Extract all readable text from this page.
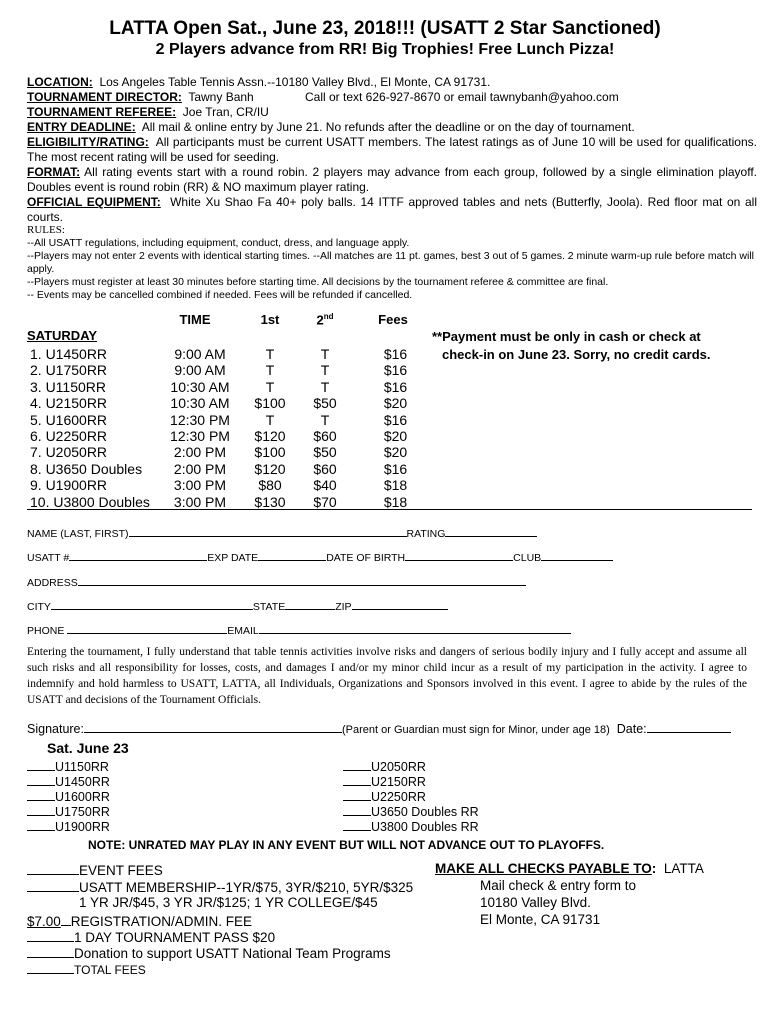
LATTA Open Sat., June 23, 2018!!! (USATT 2 Star Sanctioned)
2 Players advance from RR! Big Trophies! Free Lunch Pizza!
LOCATION: Los Angeles Table Tennis Assn.--10180 Valley Blvd., El Monte, CA 91731.
TOURNAMENT DIRECTOR: Tawny Banh	Call or text 626-927-8670 or email tawnybanh@yahoo.com
TOURNAMENT REFEREE: Joe Tran, CR/IU
ENTRY DEADLINE: All mail & online entry by June 21. No refunds after the deadline or on the day of tournament.
ELIGIBILITY/RATING: All participants must be current USATT members. The latest ratings as of June 10 will be used for qualifications. The most recent rating will be used for seeding.
FORMAT: All rating events start with a round robin. 2 players may advance from each group, followed by a single elimination playoff. Doubles event is round robin (RR) & NO maximum player rating.
OFFICIAL EQUIPMENT: White Xu Shao Fa 40+ poly balls. 14 ITTF approved tables and nets (Butterfly, Joola). Red floor mat on all courts.
RULES:
--All USATT regulations, including equipment, conduct, dress, and language apply.
--Players may not enter 2 events with identical starting times. --All matches are 11 pt. games, best 3 out of 5 games. 2 minute warm-up rule before match will apply.
--Players must register at least 30 minutes before starting time. All decisions by the tournament referee & committee are final.
-- Events may be cancelled combined if needed. Fees will be refunded if cancelled.
TIME	1st	2nd	Fees
SATURDAY
1. U1450RR	9:00 AM	T	T	$16
2. U1750RR	9:00 AM	T	T	$16
3. U1150RR	10:30 AM	T	T	$16
4. U2150RR	10:30 AM	$100	$50	$20
5. U1600RR	12:30 PM	T	T	$16
6. U2250RR	12:30 PM	$120	$60	$20
7. U2050RR	2:00 PM	$100	$50	$20
8. U3650 Doubles	2:00 PM	$120	$60	$16
9. U1900RR	3:00 PM	$80	$40	$18
10. U3800 Doubles	3:00 PM	$130	$70	$18
**Payment must be only in cash or check at
check-in on June 23. Sorry, no credit cards.
NAME (LAST, FIRST)	RATING
USATT #	EXP DATE	DATE OF BIRTH	CLUB
ADDRESS
CITY	STATE	ZIP
PHONE	EMAIL
Entering the tournament, I fully understand that table tennis activities involve risks and dangers of serious bodily injury and I fully accept and assume all such risks and all responsibility for losses, costs, and damages I and/or my minor child incur as a result of my participation in the activity. I agree to indemnify and hold harmless to USATT, LATTA, all Individuals, Organizations and Sponsors involved in this event. I agree to abide by the rules of the USATT and decisions of the Tournament Officials.
Signature:	(Parent or Guardian must sign for Minor, under age 18) Date:
Sat. June 23
U1150RR
U1450RR
U1600RR
U1750RR
U1900RR
U2050RR
U2150RR
U2250RR
U3650 Doubles RR
U3800 Doubles RR
NOTE: UNRATED MAY PLAY IN ANY EVENT BUT WILL NOT ADVANCE OUT TO PLAYOFFS.
EVENT FEES
USATT MEMBERSHIP--1YR/$75, 3YR/$210, 5YR/$325
1 YR JR/$45, 3 YR JR/$125; 1 YR COLLEGE/$45
$7.00 REGISTRATION/ADMIN. FEE
1 DAY TOURNAMENT PASS $20
Donation to support USATT National Team Programs
TOTAL FEES
MAKE ALL CHECKS PAYABLE TO: LATTA
Mail check & entry form to
10180 Valley Blvd.
El Monte, CA 91731
